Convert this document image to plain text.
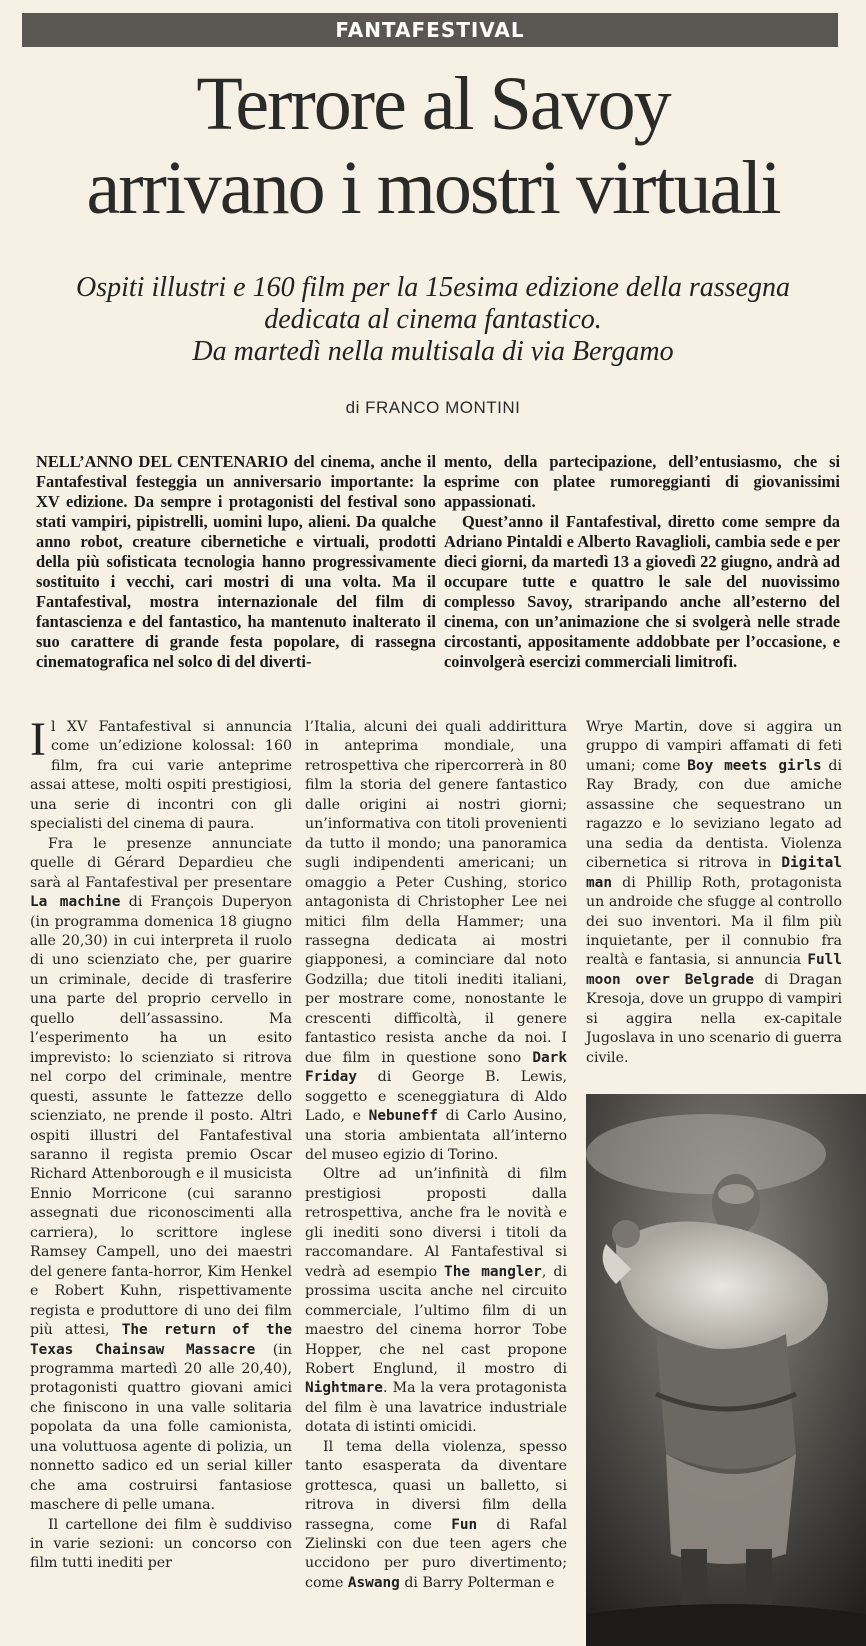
FANTAFESTIVAL
Terrore al Savoy
arrivano i mostri virtuali
Ospiti illustri e 160 film per la 15esima edizione della rassegna
dedicata al cinema fantastico.
Da martedì nella multisala di via Bergamo
di FRANCO MONTINI

NELL’ANNO DEL CENTENARIO del cinema, anche il Fantafestival festeggia un anniversario importante: la XV edizione. Da sempre i protagonisti del festival sono stati vampiri, pipistrelli, uomini lupo, alieni. Da qualche anno robot, creature cibernetiche e virtuali, prodotti della più sofisticata tecnologia hanno progressivamente sostituito i vecchi, cari mostri di una volta. Ma il Fantafestival, mostra internazionale del film di fantascienza e del fantastico, ha mantenuto inalterato il suo carattere di grande festa popolare, di rassegna cinematografica nel solco di del diverti-

mento, della partecipazione, dell’entusiasmo, che si esprime con platee rumoreggianti di giovanissimi appassionati.
Quest’anno il Fantafestival, diretto come sempre da Adriano Pintaldi e Alberto Ravaglioli, cambia sede e per dieci giorni, da martedì 13 a giovedì 22 giugno, andrà ad occupare tutte e quattro le sale del nuovissimo complesso Savoy, straripando anche all’esterno del cinema, con un’animazione che si svolgerà nelle strade circostanti, appositamente addobbate per l’occasione, e coinvolgerà esercizi commerciali limitrofi.

Il XV Fantafestival si annuncia come un’edizione kolossal: 160 film, fra cui varie anteprime assai attese, molti ospiti prestigiosi, una serie di incontri con gli specialisti del cinema di paura.

Fra le presenze annunciate quelle di Gérard Depardieu che sarà al Fantafestival per presentare La machine di François Duperyon (in programma domenica 18 giugno alle 20,30) in cui interpreta il ruolo di uno scienziato che, per guarire un criminale, decide di trasferire una parte del proprio cervello in quello dell’assassino. Ma l’esperimento ha un esito imprevisto: lo scienziato si ritrova nel corpo del criminale, mentre questi, assunte le fattezze dello scienziato, ne prende il posto. Altri ospiti illustri del Fantafestival saranno il regista premio Oscar Richard Attenborough e il musicista Ennio Morricone (cui saranno assegnati due riconoscimenti alla carriera), lo scrittore inglese Ramsey Campell, uno dei maestri del genere fanta-horror, Kim Henkel e Robert Kuhn, rispettivamente regista e produttore di uno dei film più attesi, The return of the Texas Chainsaw Massacre (in programma martedì 20 alle 20,40), protagonisti quattro giovani amici che finiscono in una valle solitaria popolata da una folle camionista, una voluttuosa agente di polizia, un nonnetto sadico ed un serial killer che ama costruirsi fantasiose maschere di pelle umana.

Il cartellone dei film è suddiviso in varie sezioni: un concorso con film tutti inediti per

l’Italia, alcuni dei quali addirittura in anteprima mondiale, una retrospettiva che ripercorrerà in 80 film la storia del genere fantastico dalle origini ai nostri giorni; un’informativa con titoli provenienti da tutto il mondo; una panoramica sugli indipendenti americani; un omaggio a Peter Cushing, storico antagonista di Christopher Lee nei mitici film della Hammer; una rassegna dedicata ai mostri giapponesi, a cominciare dal noto Godzilla; due titoli inediti italiani, per mostrare come, nonostante le crescenti difficoltà, il genere fantastico resista anche da noi. I due film in questione sono Dark Friday di George B. Lewis, soggetto e sceneggiatura di Aldo Lado, e Nebuneff di Carlo Ausino, una storia ambientata all’interno del museo egizio di Torino.

Oltre ad un’infinità di film prestigiosi proposti dalla retrospettiva, anche fra le novità e gli inediti sono diversi i titoli da raccomandare. Al Fantafestival si vedrà ad esempio The mangler, di prossima uscita anche nel circuito commerciale, l’ultimo film di un maestro del cinema horror Tobe Hopper, che nel cast propone Robert Englund, il mostro di Nightmare. Ma la vera protagonista del film è una lavatrice industriale dotata di istinti omicidi.

Il tema della violenza, spesso tanto esasperata da diventare grottesca, quasi un balletto, si ritrova in diversi film della rassegna, come Fun di Rafal Zielinski con due teen agers che uccidono per puro divertimento; come Aswang di Barry Polterman e

Wrye Martin, dove si aggira un gruppo di vampiri affamati di feti umani; come Boy meets girls di Ray Brady, con due amiche assassine che sequestrano un ragazzo e lo seviziano legato ad una sedia da dentista. Violenza cibernetica si ritrova in Digital man di Phillip Roth, protagonista un androide che sfugge al controllo dei suo inventori. Ma il film più inquietante, per il connubio fra realtà e fantasia, si annuncia Full moon over Belgrade di Dragan Kresoja, dove un gruppo di vampiri si aggira nella ex-capitale Jugoslava in uno scenario di guerra civile.
